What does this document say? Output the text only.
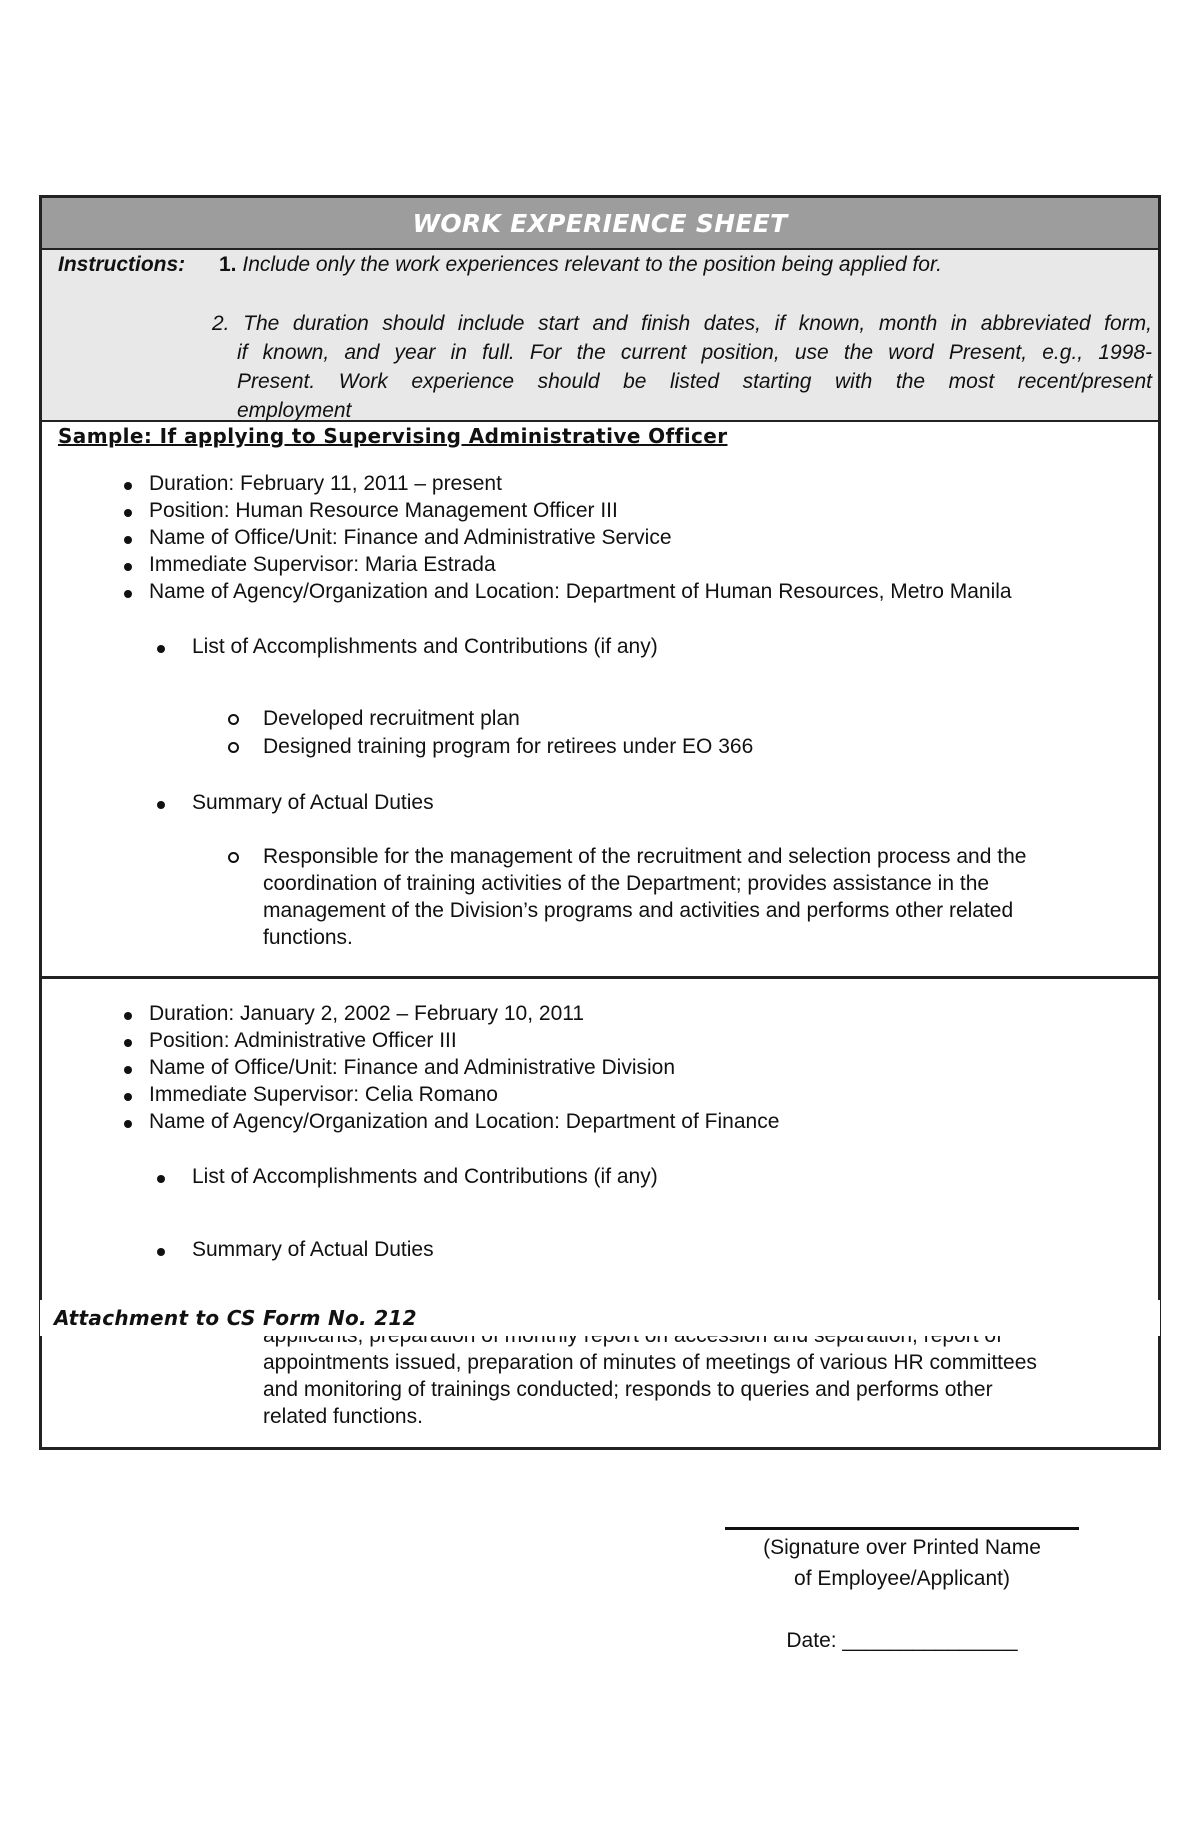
WORK EXPERIENCE SHEET
Instructions: 1. Include only the work experiences relevant to the position being applied for.
2. The duration should include start and finish dates, if known, month in abbreviated form,
if known, and year in full. For the current position, use the word Present, e.g., 1998-
Present. Work experience should be listed starting with the most recent/present
employment
Sample: If applying to Supervising Administrative Officer
Duration: February 11, 2011 – present
Position: Human Resource Management Officer III
Name of Office/Unit: Finance and Administrative Service
Immediate Supervisor: Maria Estrada
Name of Agency/Organization and Location: Department of Human Resources, Metro Manila
List of Accomplishments and Contributions (if any)
Developed recruitment plan
Designed training program for retirees under EO 366
Summary of Actual Duties
Responsible for the management of the recruitment and selection process and the
coordination of training activities of the Department; provides assistance in the
management of the Division’s programs and activities and performs other related
functions.
Duration: January 2, 2002 – February 10, 2011
Position: Administrative Officer III
Name of Office/Unit: Finance and Administrative Division
Immediate Supervisor: Celia Romano
Name of Agency/Organization and Location: Department of Finance
List of Accomplishments and Contributions (if any)
Summary of Actual Duties
appointments issued, preparation of minutes of meetings of various HR committees
and monitoring of trainings conducted; responds to queries and performs other
related functions.
Attachment to CS Form No. 212
(Signature over Printed Name
of Employee/Applicant)
Date: _______________
